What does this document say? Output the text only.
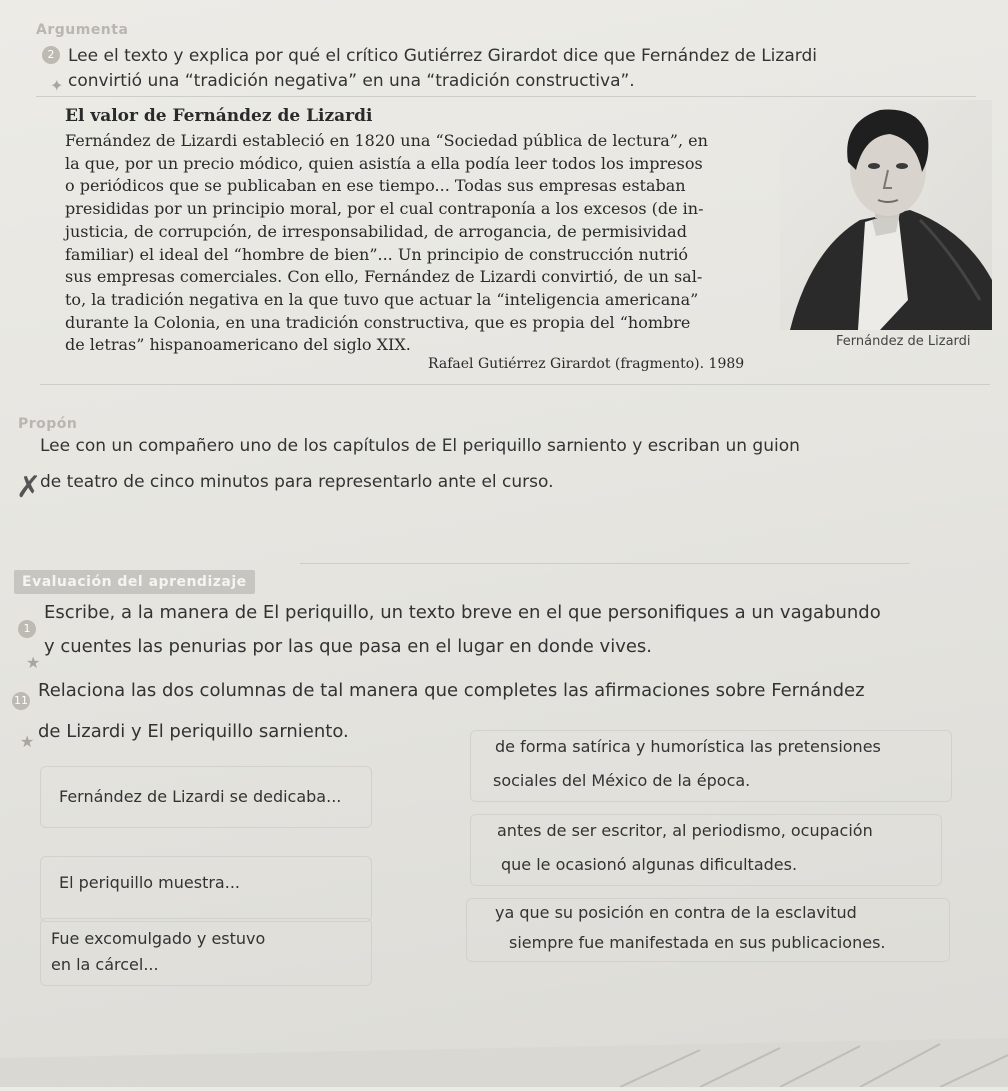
Argumenta
2
✦
Lee el texto y explica por qué el crítico Gutiérrez Girardot dice que Fernández de Lizardi
convirtió una “tradición negativa” en una “tradición constructiva”.
El valor de Fernández de Lizardi
Fernández de Lizardi estableció en 1820 una “Sociedad pública de lectura”, en
la que, por un precio módico, quien asistía a ella podía leer todos los impresos
o periódicos que se publicaban en ese tiempo... Todas sus empresas estaban
presididas por un principio moral, por el cual contraponía a los excesos (de in-
justicia, de corrupción, de irresponsabilidad, de arrogancia, de permisividad
familiar) el ideal del “hombre de bien”... Un principio de construcción nutrió
sus empresas comerciales. Con ello, Fernández de Lizardi convirtió, de un sal-
to, la tradición negativa en la que tuvo que actuar la “inteligencia americana”
durante la Colonia, en una tradición constructiva, que es propia del “hombre
de letras” hispanoamericano del siglo XIX.
Rafael Gutiérrez Girardot (fragmento). 1989
Fernández de Lizardi
Propón
✗
Lee con un compañero uno de los capítulos de El periquillo sarniento y escriban un guion
de teatro de cinco minutos para representarlo ante el curso.
Evaluación del aprendizaje
1
★
Escribe, a la manera de El periquillo, un texto breve en el que personifiques a un vagabundo
y cuentes las penurias por las que pasa en el lugar en donde vives.
11
★
Relaciona las dos columnas de tal manera que completes las afirmaciones sobre Fernández
de Lizardi y El periquillo sarniento.
Fernández de Lizardi se dedicaba...
El periquillo muestra...
Fue excomulgado y estuvo
en la cárcel...
de forma satírica y humorística las pretensiones
sociales del México de la época.
antes de ser escritor, al periodismo, ocupación
que le ocasionó algunas dificultades.
ya que su posición en contra de la esclavitud
siempre fue manifestada en sus publicaciones.
